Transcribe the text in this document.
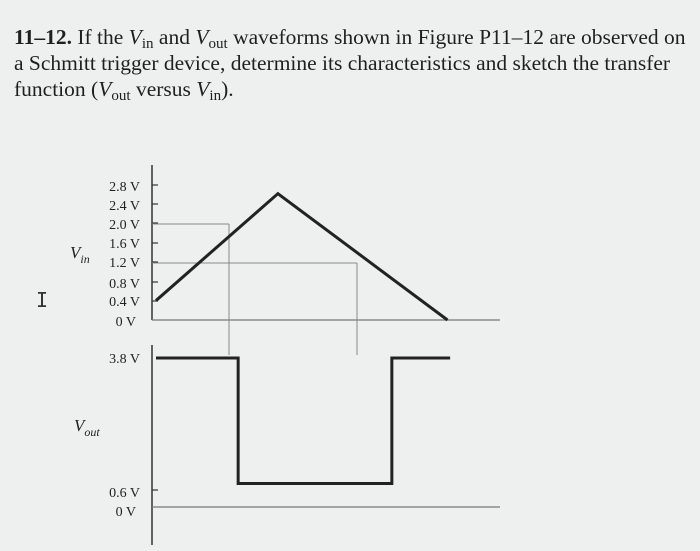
11–12. If the $V_{in}$ and $V_{out}$ waveforms shown in Figure P11–12 are observed on a Schmitt trigger device, determine its characteristics and sketch the transfer function ($V_{out}$ versus $V_{in}$).
I
$V_{in}$
$V_{out}$
2.8 V
2.4 V
2.0 V
1.6 V
1.2 V
0.8 V
0.4 V
0 V
3.8 V
0.6 V
0 V
